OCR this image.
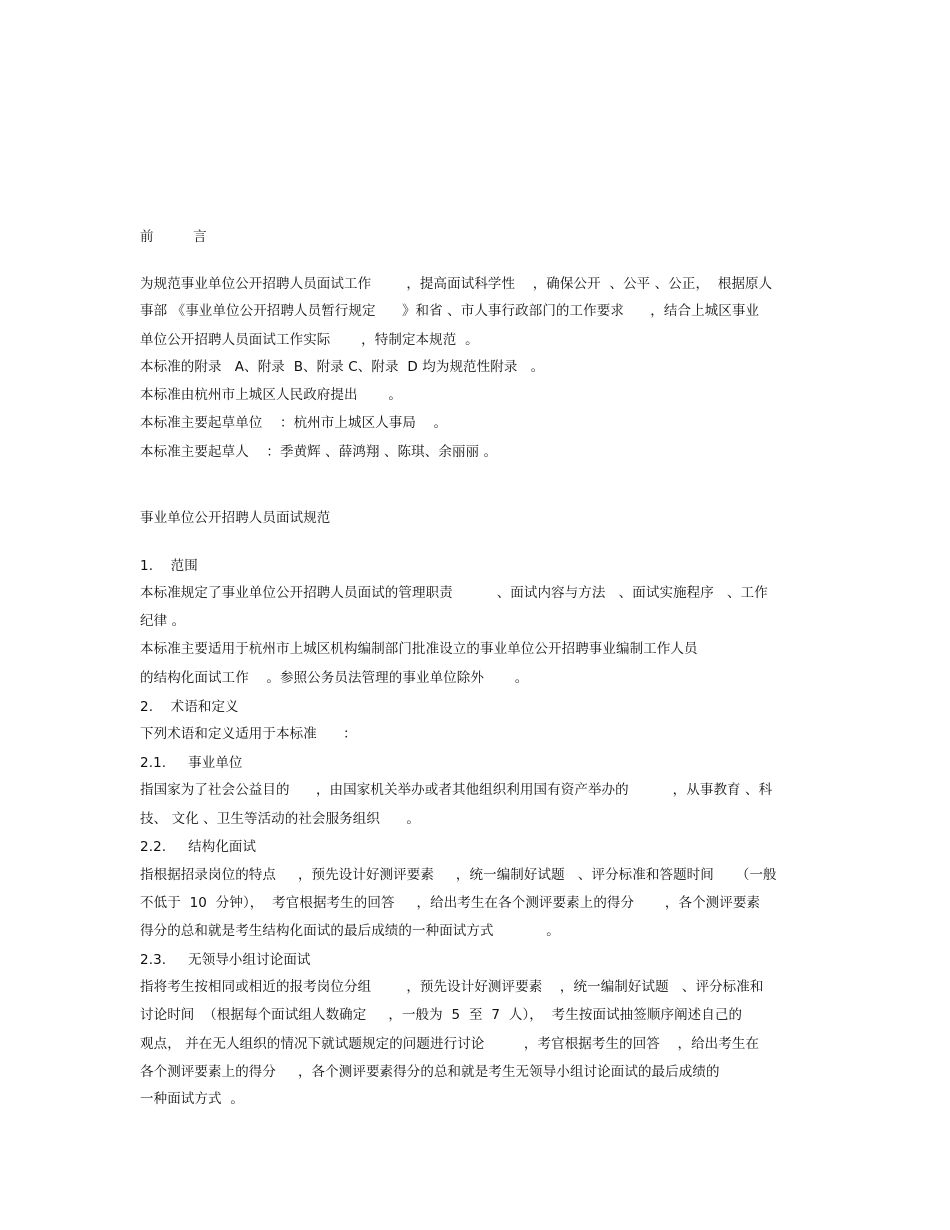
前         言
为规范事业单位公开招聘人员面试工作        ，提高面试科学性    ，确保公开  、公平 、公正，  根据原人
事部 《事业单位公开招聘人员暂行规定      》和省 、市人事行政部门的工作要求      ，结合上城区事业
单位公开招聘人员面试工作实际       ，特制定本规范  。
本标准的附录   A、附录  B、附录 C、附录  D 均为规范性附录   。
本标准由杭州市上城区人民政府提出       。
本标准主要起草单位    ：杭州市上城区人事局    。
本标准主要起草人    ：季黄辉 、薛鸿翔 、陈琪、余丽丽 。
事业单位公开招聘人员面试规范
1.    范围
本标准规定了事业单位公开招聘人员面试的管理职责          、面试内容与方法   、面试实施程序   、工作
纪律 。
本标准主要适用于杭州市上城区机构编制部门批准设立的事业单位公开招聘事业编制工作人员
的结构化面试工作    。参照公务员法管理的事业单位除外       。
2.    术语和定义
下列术语和定义适用于本标准      ：
2.1.     事业单位
指国家为了社会公益目的      ，由国家机关举办或者其他组织利用国有资产举办的          ，从事教育 、科
技、 文化 、卫生等活动的社会服务组织      。
2.2.     结构化面试
指根据招录岗位的特点     ，预先设计好测评要素     ，统一编制好试题   、评分标准和答题时间     （一般
不低于  10  分钟），  考官根据考生的回答     ，给出考生在各个测评要素上的得分       ，各个测评要素
得分的总和就是考生结构化面试的最后成绩的一种面试方式            。
2.3.     无领导小组讨论面试
指将考生按相同或相近的报考岗位分组        ，预先设计好测评要素    ，统一编制好试题   、评分标准和
讨论时间  （根据每个面试组人数确定     ，一般为  5  至  7  人），  考生按面试抽签顺序阐述自己的
观点， 并在无人组织的情况下就试题规定的问题进行讨论         ，考官根据考生的回答    ，给出考生在
各个测评要素上的得分     ，各个测评要素得分的总和就是考生无领导小组讨论面试的最后成绩的
一种面试方式  。
